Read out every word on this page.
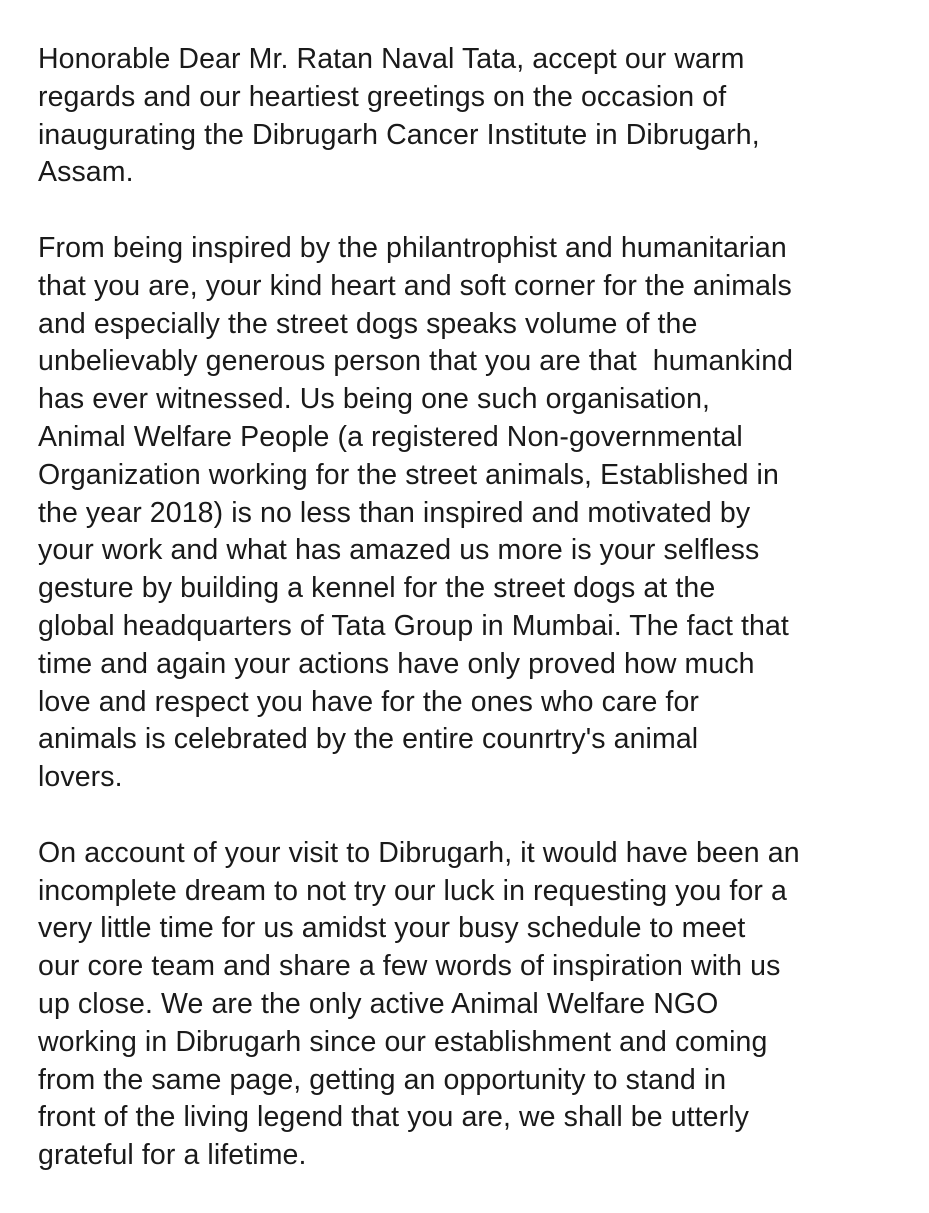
Honorable Dear Mr. Ratan Naval Tata, accept our warm
regards and our heartiest greetings on the occasion of
inaugurating the Dibrugarh Cancer Institute in Dibrugarh,
Assam.

From being inspired by the philantrophist and humanitarian
that you are, your kind heart and soft corner for the animals
and especially the street dogs speaks volume of the
unbelievably generous person that you are that  humankind
has ever witnessed. Us being one such organisation,
Animal Welfare People (a registered Non-governmental
Organization working for the street animals, Established in
the year 2018) is no less than inspired and motivated by
your work and what has amazed us more is your selfless
gesture by building a kennel for the street dogs at the
global headquarters of Tata Group in Mumbai. The fact that
time and again your actions have only proved how much
love and respect you have for the ones who care for
animals is celebrated by the entire counrtry's animal
lovers.

On account of your visit to Dibrugarh, it would have been an
incomplete dream to not try our luck in requesting you for a
very little time for us amidst your busy schedule to meet
our core team and share a few words of inspiration with us
up close. We are the only active Animal Welfare NGO
working in Dibrugarh since our establishment and coming
from the same page, getting an opportunity to stand in
front of the living legend that you are, we shall be utterly
grateful for a lifetime.
